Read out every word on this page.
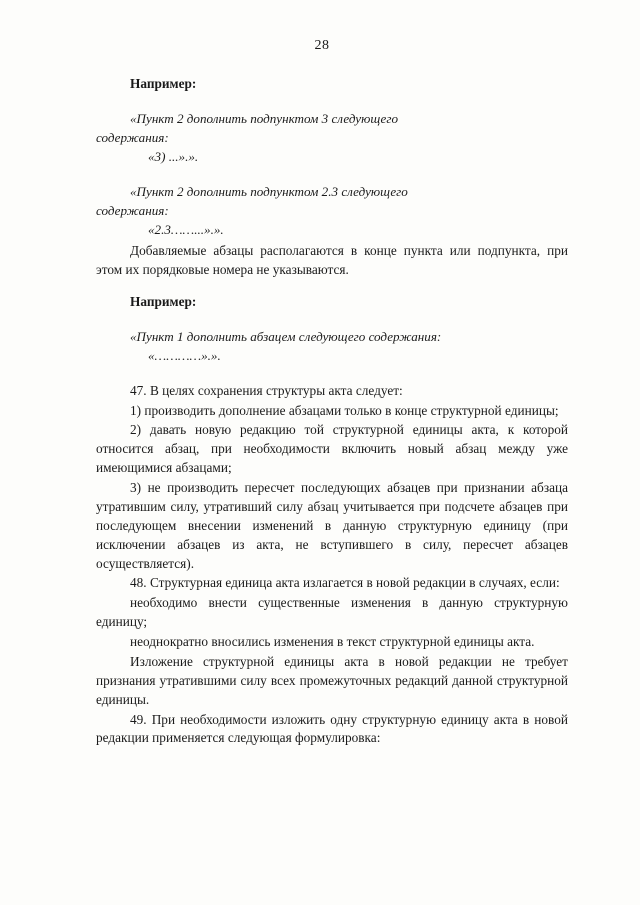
28
Например:
«Пункт 2 дополнить подпунктом 3 следующего
содержания:
«3) ...».».
«Пункт 2 дополнить подпунктом 2.3 следующего
содержания:
«2.3……...».».
Добавляемые абзацы располагаются в конце пункта или подпункта, при этом их порядковые номера не указываются.
Например:
«Пункт 1 дополнить абзацем следующего содержания:
«…………».».
47. В целях сохранения структуры акта следует:
1) производить дополнение абзацами только в конце структурной единицы;
2) давать новую редакцию той структурной единицы акта, к которой относится абзац, при необходимости включить новый абзац между уже имеющимися абзацами;
3) не производить пересчет последующих абзацев при признании абзаца утратившим силу, утративший силу абзац учитывается при подсчете абзацев при последующем внесении изменений в данную структурную единицу (при исключении абзацев из акта, не вступившего в силу, пересчет абзацев осуществляется).
48. Структурная единица акта излагается в новой редакции в случаях, если:
необходимо внести существенные изменения в данную структурную единицу;
неоднократно вносились изменения в текст структурной единицы акта.
Изложение структурной единицы акта в новой редакции не требует признания утратившими силу всех промежуточных редакций данной структурной единицы.
49. При необходимости изложить одну структурную единицу акта в новой редакции применяется следующая формулировка:
